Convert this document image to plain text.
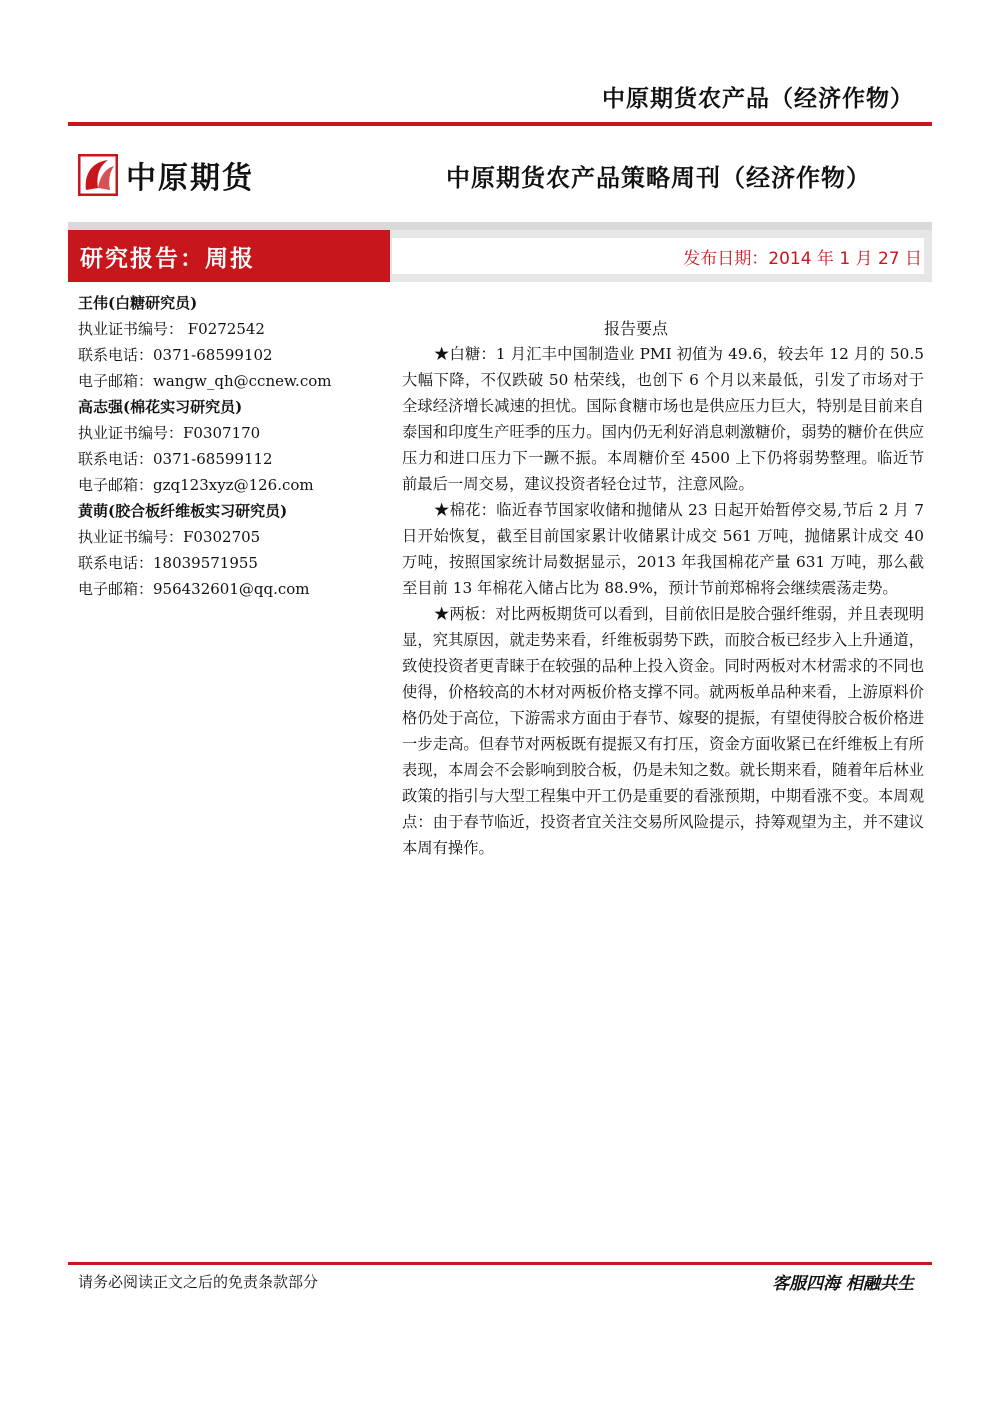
中原期货农产品（经济作物）
中原期货	中原期货农产品策略周刊（经济作物）
研究报告：周报	发布日期：2014 年 1 月 27 日
王伟(白糖研究员)
执业证书编号： F0272542
联系电话：0371-68599102
电子邮箱：wangw_qh@ccnew.com
高志强(棉花实习研究员)
执业证书编号：F0307170
联系电话：0371-68599112
电子邮箱：gzq123xyz@126.com
黄萌(胶合板纤维板实习研究员)
执业证书编号：F0302705
联系电话：18039571955
电子邮箱：956432601@qq.com
报告要点

★白糖：1 月汇丰中国制造业 PMI 初值为 49.6，较去年 12 月的 50.5 大幅下降，不仅跌破 50 枯荣线，也创下 6 个月以来最低，引发了市场对于全球经济增长减速的担忧。国际食糖市场也是供应压力巨大，特别是目前来自泰国和印度生产旺季的压力。国内仍无利好消息刺激糖价，弱势的糖价在供应压力和进口压力下一蹶不振。本周糖价至 4500 上下仍将弱势整理。临近节前最后一周交易，建议投资者轻仓过节，注意风险。

★棉花：临近春节国家收储和抛储从 23 日起开始暂停交易,节后 2 月 7 日开始恢复，截至目前国家累计收储累计成交 561 万吨，抛储累计成交 40 万吨，按照国家统计局数据显示，2013 年我国棉花产量 631 万吨，那么截至目前 13 年棉花入储占比为 88.9%，预计节前郑棉将会继续震荡走势。

★两板：对比两板期货可以看到，目前依旧是胶合强纤维弱，并且表现明显，究其原因，就走势来看，纤维板弱势下跌，而胶合板已经步入上升通道，致使投资者更青睐于在较强的品种上投入资金。同时两板对木材需求的不同也使得，价格较高的木材对两板价格支撑不同。就两板单品种来看，上游原料价格仍处于高位，下游需求方面由于春节、嫁娶的提振，有望使得胶合板价格进一步走高。但春节对两板既有提振又有打压，资金方面收紧已在纤维板上有所表现，本周会不会影响到胶合板，仍是未知之数。就长期来看，随着年后林业政策的指引与大型工程集中开工仍是重要的看涨预期，中期看涨不变。本周观点：由于春节临近，投资者宜关注交易所风险提示，持筹观望为主，并不建议本周有操作。

请务必阅读正文之后的免责条款部分	客服四海 相融共生
